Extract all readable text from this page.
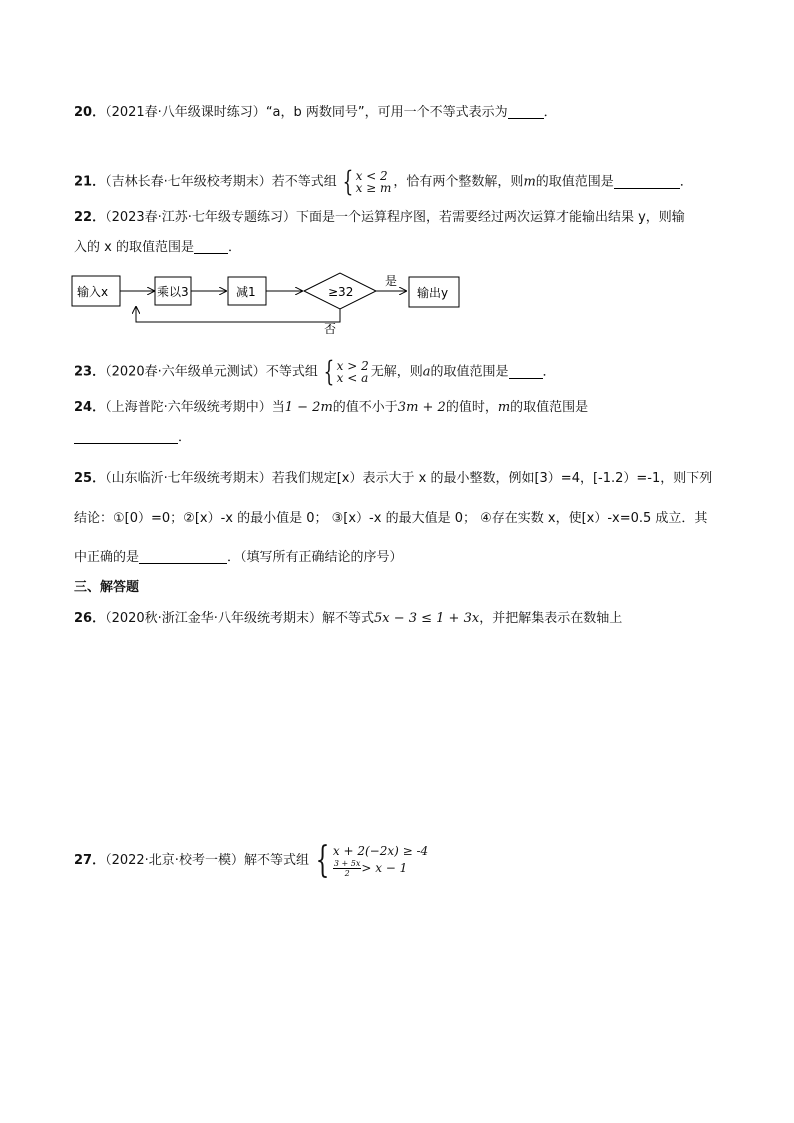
20．（2021春·八年级课时练习）“a，b 两数同号”，可用一个不等式表示为	．
21．（吉林长春·七年级校考期末）若不等式组 { x < 2
x ≥ m ，恰有两个整数解，则m的取值范围是	．
22．（2023春·江苏·七年级专题练习）下面是一个运算程序图，若需要经过两次运算才能输出结果 y，则输
入的 x 的取值范围是	．
输入x	乘以3	减1	≥32
是
输出y
否
23．（2020春·六年级单元测试）不等式组 { x > 2
x < a 无解，则a的取值范围是	．
24．（上海普陀·六年级统考期中）当1 − 2m的值不小于3m + 2的值时，m的取值范围是
．
25．（山东临沂·七年级统考期末）若我们规定[x）表示大于 x 的最小整数，例如[3）=4，[-1.2）=-1，则下列
结论：①[0）=0；②[x）-x 的最小值是 0； ③[x）-x 的最大值是 0； ④存在实数 x，使[x）-x=0.5 成立．其
中正确的是	．（填写所有正确结论的序号）
三、解答题
26．（2020秋·浙江金华·八年级统考期末）解不等式5x − 3 ≤ 1 + 3x，并把解集表示在数轴上
27．（2022·北京·校考一模）解不等式组 { x + 2(−2x) ≥ -4
$\frac{3 + 5x}{2} > x - 1$
